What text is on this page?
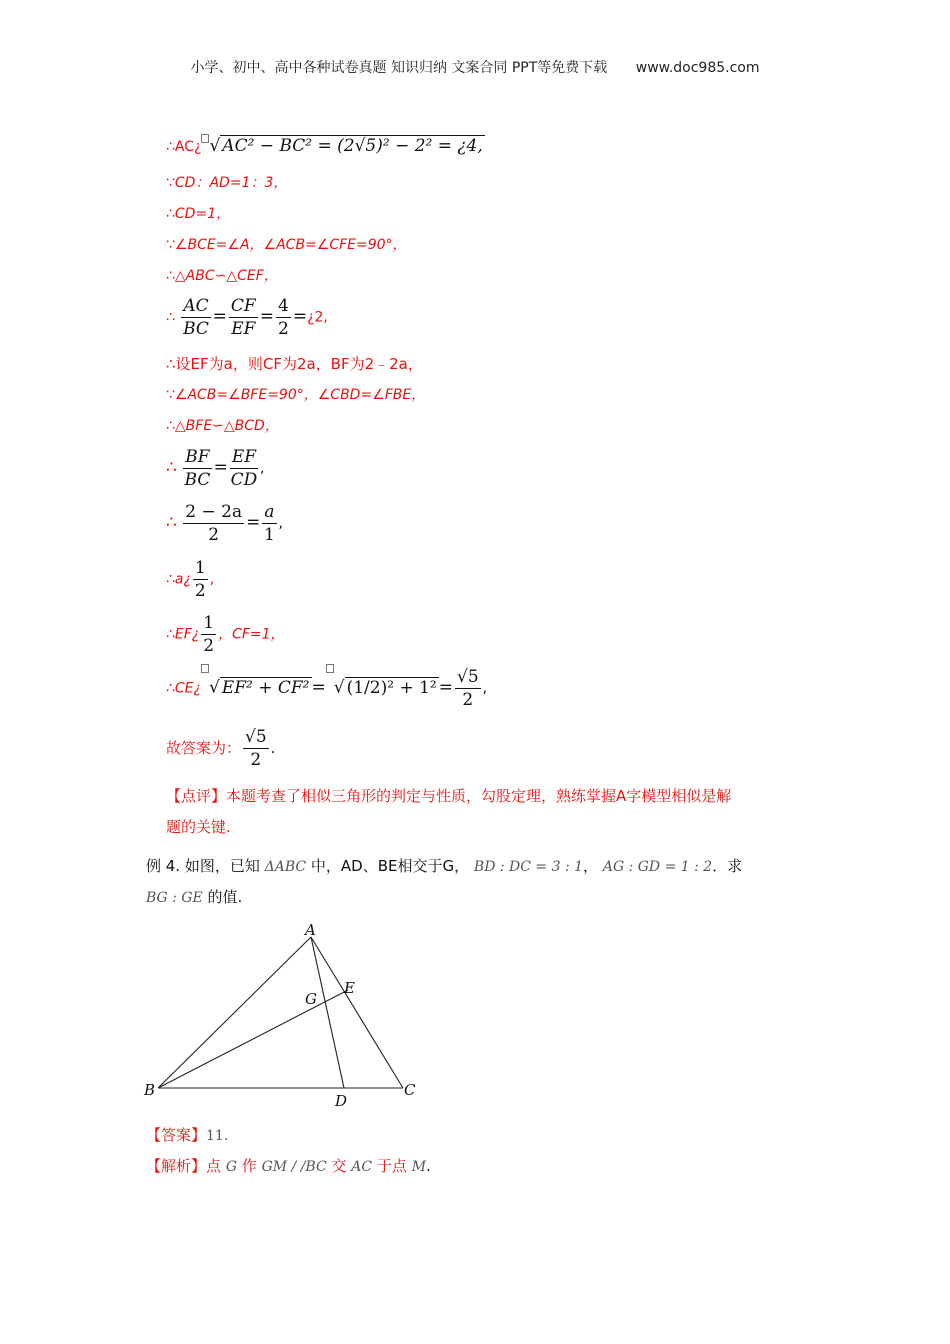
小学、初中、高中各种试卷真题 知识归纳 文案合同 PPT等免费下载 www.doc985.com
∴AC¿ √ AC² − BC² = (2√5)² − 2² = ¿4,
∵CD：AD=1：3，
∴CD=1，
∵∠BCE=∠A，∠ACB=∠CFE=90°，
∴△ABC∽△CEF，
∴ $\frac{AC}{BC} = \frac{CF}{EF} = \frac{4}{2}$ =¿2,
∴设EF为a，则CF为2a，BF为2﹣2a，
∵∠ACB=∠BFE=90°，∠CBD=∠FBE，
∴△BFE∽△BCD，
∴ $\frac{BF}{BC} = \frac{EF}{CD}$ ,
∴ $\frac{2 - 2a}{2} = \frac{a}{1}$ ,
∴a¿ $\frac{1}{2}$ ,
∴EF¿ $\frac{1}{2}$ ，CF=1，
∴CE¿ √ EF² + CF² = √ $(1/2)^2 + 1^2 = \frac{√5}{2}$ ,
故答案为： $\frac{√5}{2}$ .
【点评】本题考查了相似三角形的判定与性质，勾股定理，熟练掌握A字模型相似是解
题的关键.
例 4. 如图，已知 ΔABC 中，AD、BE相交于G， BD : DC = 3 : 1， AG : GD = 1 : 2．求
BG : GE 的值.
A
G
E
B
D
C
【答案】11.
【解析】点 G 作 GM / /BC 交 AC 于点 M.
